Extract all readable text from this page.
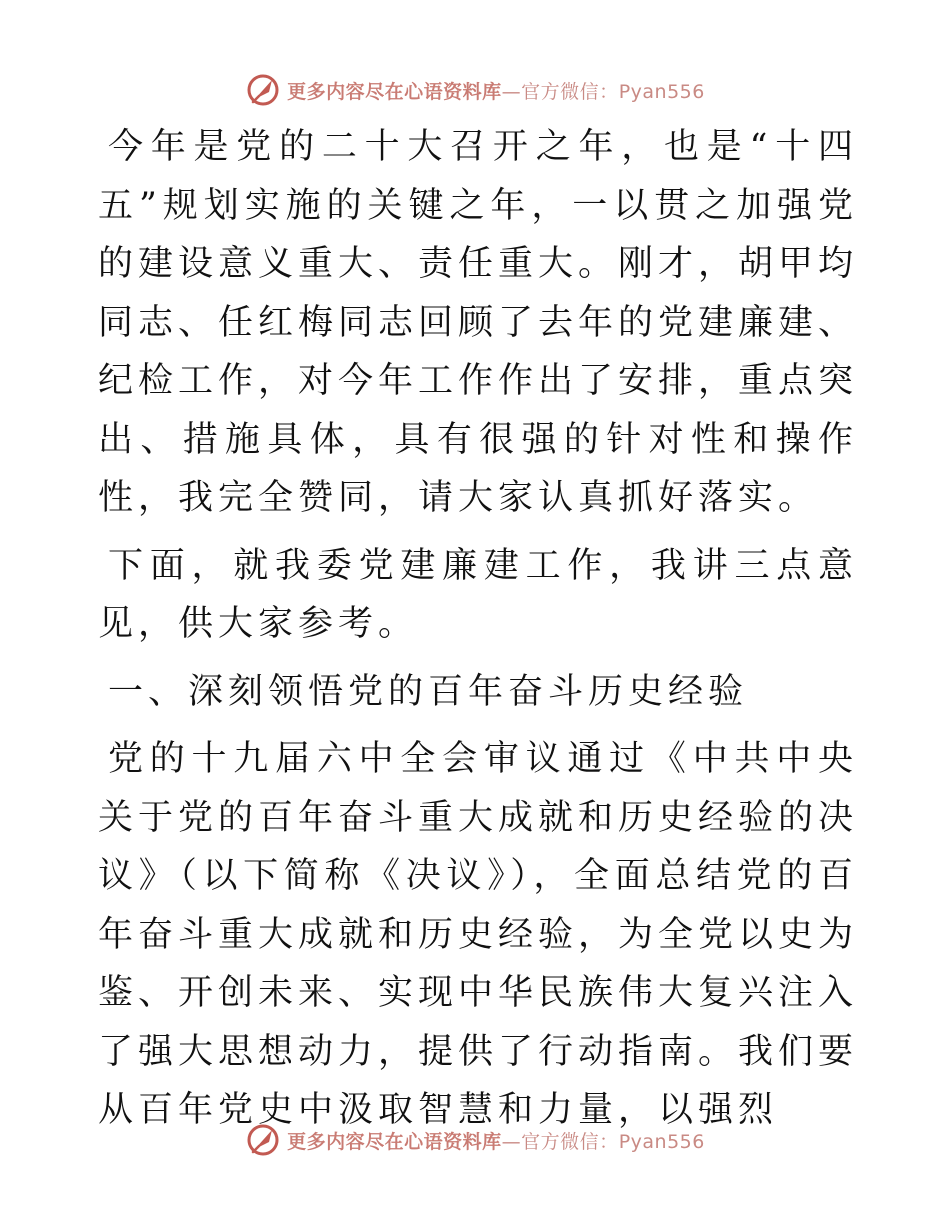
更多内容尽在心语资料库—官方微信：Pyan556

今年是党的二十大召开之年，也是“十四五”规划实施的关键之年，一以贯之加强党的建设意义重大、责任重大。刚才，胡甲均同志、任红梅同志回顾了去年的党建廉建、纪检工作，对今年工作作出了安排，重点突出、措施具体，具有很强的针对性和操作性，我完全赞同，请大家认真抓好落实。

下面，就我委党建廉建工作，我讲三点意见，供大家参考。

一、深刻领悟党的百年奋斗历史经验

党的十九届六中全会审议通过《中共中央关于党的百年奋斗重大成就和历史经验的决议》（以下简称《决议》），全面总结党的百年奋斗重大成就和历史经验，为全党以史为鉴、开创未来、实现中华民族伟大复兴注入了强大思想动力，提供了行动指南。我们要从百年党史中汲取智慧和力量，以强烈

更多内容尽在心语资料库—官方微信：Pyan556
